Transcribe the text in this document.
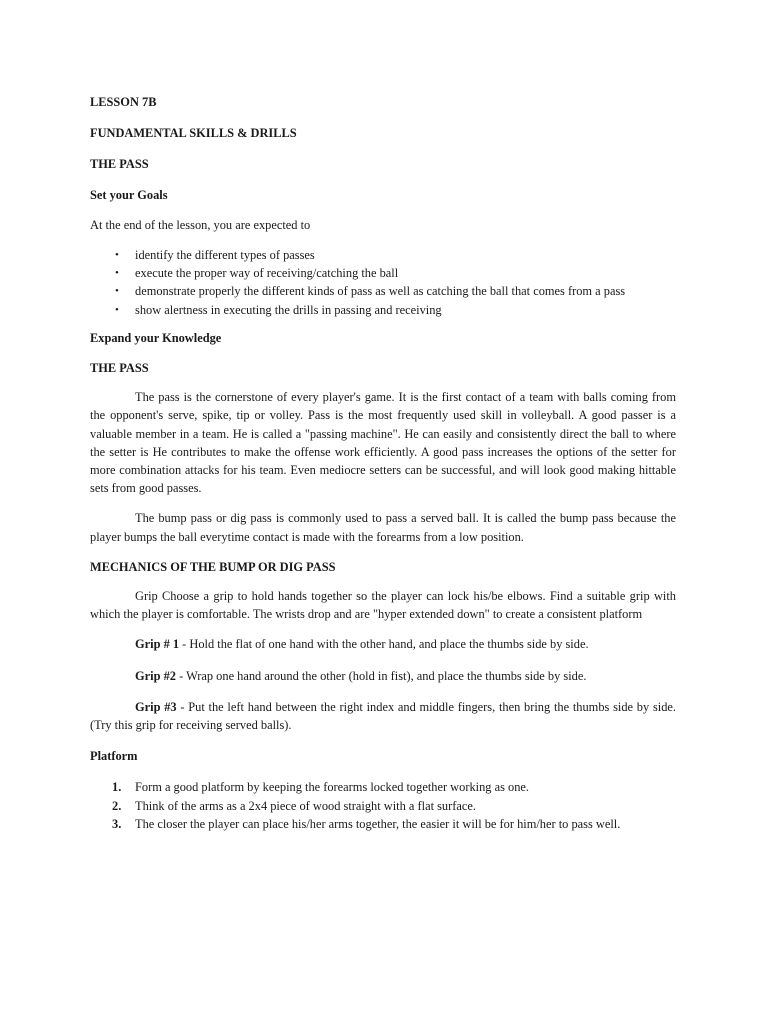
LESSON 7B

FUNDAMENTAL SKILLS & DRILLS

THE PASS

Set your Goals

At the end of the lesson, you are expected to

• identify the different types of passes
• execute the proper way of receiving/catching the ball
• demonstrate properly the different kinds of pass as well as catching the ball that comes from a pass
• show alertness in executing the drills in passing and receiving

Expand your Knowledge

THE PASS

The pass is the cornerstone of every player's game. It is the first contact of a team with balls coming from the opponent's serve, spike, tip or volley. Pass is the most frequently used skill in volleyball. A good passer is a valuable member in a team. He is called a "passing machine". He can easily and consistently direct the ball to where the setter is He contributes to make the offense work efficiently. A good pass increases the options of the setter for more combination attacks for his team. Even mediocre setters can be successful, and will look good making hittable sets from good passes.

The bump pass or dig pass is commonly used to pass a served ball. It is called the bump pass because the player bumps the ball everytime contact is made with the forearms from a low position.

MECHANICS OF THE BUMP OR DIG PASS

Grip Choose a grip to hold hands together so the player can lock his/be elbows. Find a suitable grip with which the player is comfortable. The wrists drop and are "hyper extended down" to create a consistent platform

Grip # 1 - Hold the flat of one hand with the other hand, and place the thumbs side by side.

Grip #2 - Wrap one hand around the other (hold in fist), and place the thumbs side by side.

Grip #3 - Put the left hand between the right index and middle fingers, then bring the thumbs side by side. (Try this grip for receiving served balls).

Platform

1. Form a good platform by keeping the forearms locked together working as one.
2. Think of the arms as a 2x4 piece of wood straight with a flat surface.
3. The closer the player can place his/her arms together, the easier it will be for him/her to pass well.
